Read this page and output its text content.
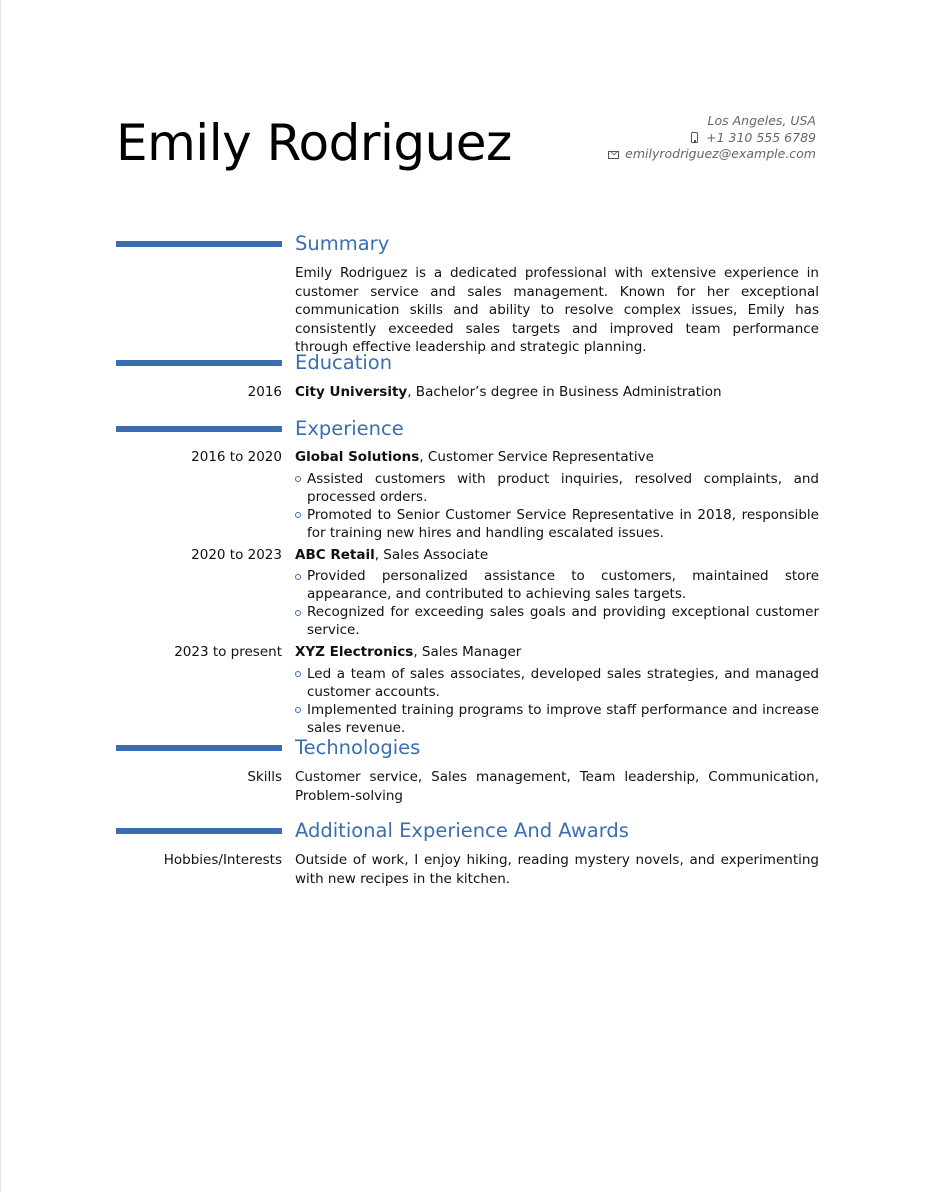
Emily Rodriguez	Los Angeles, USA
+1 310 555 6789
emilyrodriguez@example.com
Summary
Emily Rodriguez is a dedicated professional with extensive experience in customer service and sales management. Known for her exceptional communication skills and ability to resolve complex issues, Emily has consistently exceeded sales targets and improved team performance through effective leadership and strategic planning.
Education
2016 City University, Bachelor’s degree in Business Administration
Experience
2016 to 2020 Global Solutions, Customer Service Representative
Assisted customers with product inquiries, resolved complaints, and processed orders.
Promoted to Senior Customer Service Representative in 2018, responsible for training new hires and handling escalated issues.
2020 to 2023 ABC Retail, Sales Associate
Provided personalized assistance to customers, maintained store appearance, and contributed to achieving sales targets.
Recognized for exceeding sales goals and providing exceptional customer service.
2023 to present XYZ Electronics, Sales Manager
Led a team of sales associates, developed sales strategies, and managed customer accounts.
Implemented training programs to improve staff performance and increase sales revenue.
Technologies
Skills Customer service, Sales management, Team leadership, Communication, Problem-solving
Additional Experience And Awards
Hobbies/Interests Outside of work, I enjoy hiking, reading mystery novels, and experimenting with new recipes in the kitchen.
